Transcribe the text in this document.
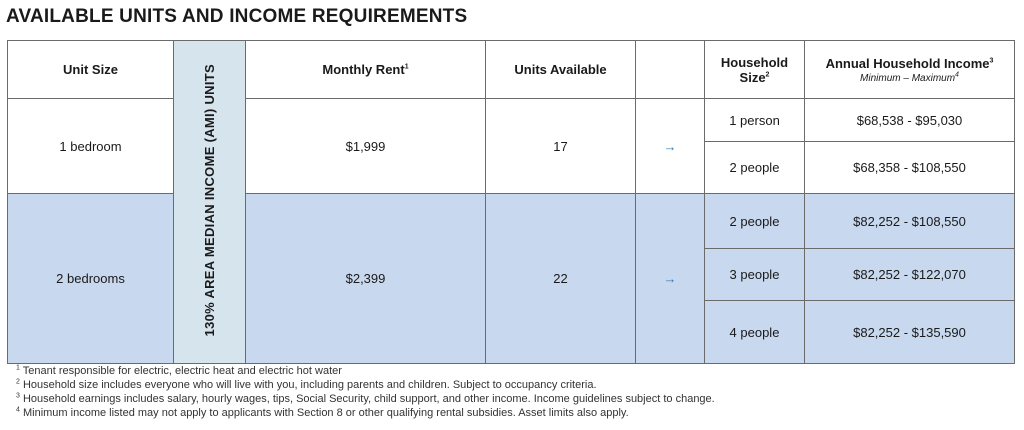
AVAILABLE UNITS AND INCOME REQUIREMENTS
Unit Size	130% AREA MEDIAN INCOME (AMI) UNITS	Monthly Rent$^1$	Units Available		Household Size$^2$	Annual Household Income$^3$
Minimum – Maximum$^4$

1 bedroom		$1,999	17	→	1 person	$68,538 - $95,030
					2 people	$68,358 - $108,550
2 bedrooms		$2,399	22	→	2 people	$82,252 - $108,550
					3 people	$82,252 - $122,070
					4 people	$82,252 - $135,590
$^1$ Tenant responsible for electric, electric heat and electric hot water
$^2$ Household size includes everyone who will live with you, including parents and children. Subject to occupancy criteria.
$^3$ Household earnings includes salary, hourly wages, tips, Social Security, child support, and other income. Income guidelines subject to change.
$^4$ Minimum income listed may not apply to applicants with Section 8 or other qualifying rental subsidies. Asset limits also apply.
